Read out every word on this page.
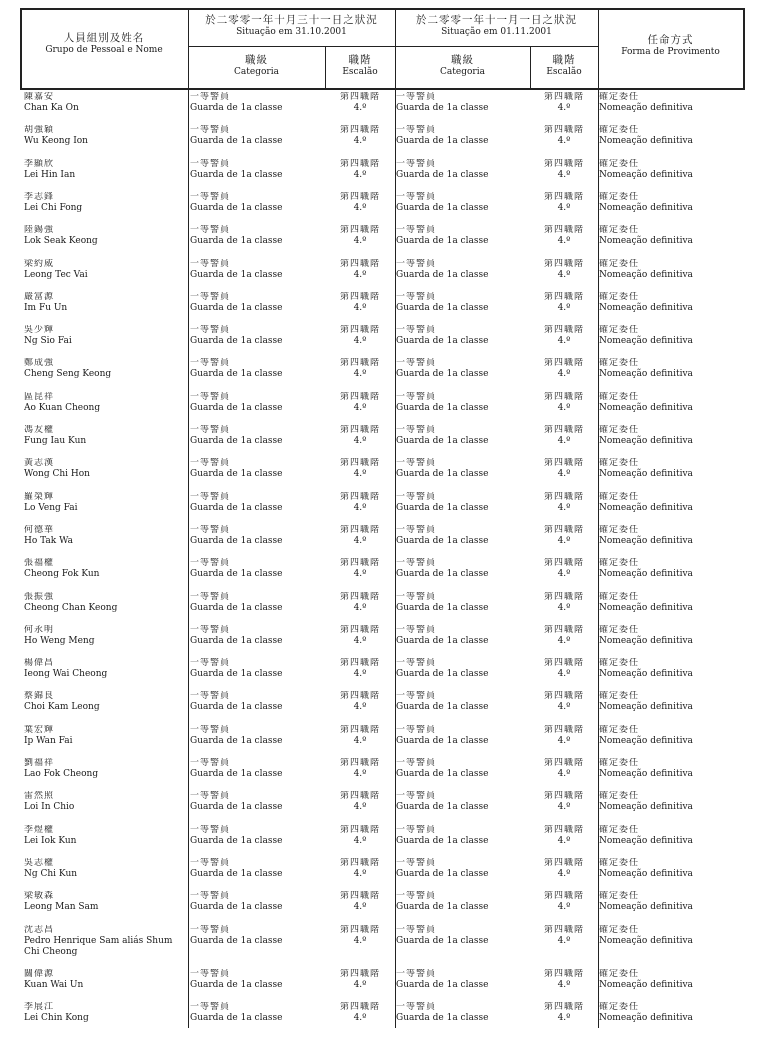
人員組別及姓名
Grupo de Pessoal e Nome
於二零零一年十月三十一日之狀況
Situação em 31.10.2001
於二零零一年十一月一日之狀況
Situação em 01.11.2001
任命方式
Forma de Provimento
職級
Categoria
職階
Escalão
職級
Categoria
職階
Escalão
陳嘉安
Chan Ka On
一等警員
Guarda de 1a classe
第四職階
4.º
一等警員
Guarda de 1a classe
第四職階
4.º
確定委任
Nomeação definitiva
胡強穎
Wu Keong Ion
一等警員
Guarda de 1a classe
第四職階
4.º
一等警員
Guarda de 1a classe
第四職階
4.º
確定委任
Nomeação definitiva
李顯欣
Lei Hin Ian
一等警員
Guarda de 1a classe
第四職階
4.º
一等警員
Guarda de 1a classe
第四職階
4.º
確定委任
Nomeação definitiva
李志鋒
Lei Chi Fong
一等警員
Guarda de 1a classe
第四職階
4.º
一等警員
Guarda de 1a classe
第四職階
4.º
確定委任
Nomeação definitiva
陸錫強
Lok Seak Keong
一等警員
Guarda de 1a classe
第四職階
4.º
一等警員
Guarda de 1a classe
第四職階
4.º
確定委任
Nomeação definitiva
梁約威
Leong Tec Vai
一等警員
Guarda de 1a classe
第四職階
4.º
一等警員
Guarda de 1a classe
第四職階
4.º
確定委任
Nomeação definitiva
嚴富源
Im Fu Un
一等警員
Guarda de 1a classe
第四職階
4.º
一等警員
Guarda de 1a classe
第四職階
4.º
確定委任
Nomeação definitiva
吳少輝
Ng Sio Fai
一等警員
Guarda de 1a classe
第四職階
4.º
一等警員
Guarda de 1a classe
第四職階
4.º
確定委任
Nomeação definitiva
鄭成強
Cheng Seng Keong
一等警員
Guarda de 1a classe
第四職階
4.º
一等警員
Guarda de 1a classe
第四職階
4.º
確定委任
Nomeação definitiva
區昆祥
Ao Kuan Cheong
一等警員
Guarda de 1a classe
第四職階
4.º
一等警員
Guarda de 1a classe
第四職階
4.º
確定委任
Nomeação definitiva
馮友權
Fung Iau Kun
一等警員
Guarda de 1a classe
第四職階
4.º
一等警員
Guarda de 1a classe
第四職階
4.º
確定委任
Nomeação definitiva
黃志漢
Wong Chi Hon
一等警員
Guarda de 1a classe
第四職階
4.º
一等警員
Guarda de 1a classe
第四職階
4.º
確定委任
Nomeação definitiva
羅榮輝
Lo Veng Fai
一等警員
Guarda de 1a classe
第四職階
4.º
一等警員
Guarda de 1a classe
第四職階
4.º
確定委任
Nomeação definitiva
何德華
Ho Tak Wa
一等警員
Guarda de 1a classe
第四職階
4.º
一等警員
Guarda de 1a classe
第四職階
4.º
確定委任
Nomeação definitiva
張福權
Cheong Fok Kun
一等警員
Guarda de 1a classe
第四職階
4.º
一等警員
Guarda de 1a classe
第四職階
4.º
確定委任
Nomeação definitiva
張振強
Cheong Chan Keong
一等警員
Guarda de 1a classe
第四職階
4.º
一等警員
Guarda de 1a classe
第四職階
4.º
確定委任
Nomeação definitiva
何永明
Ho Weng Meng
一等警員
Guarda de 1a classe
第四職階
4.º
一等警員
Guarda de 1a classe
第四職階
4.º
確定委任
Nomeação definitiva
楊偉昌
Ieong Wai Cheong
一等警員
Guarda de 1a classe
第四職階
4.º
一等警員
Guarda de 1a classe
第四職階
4.º
確定委任
Nomeação definitiva
蔡錦良
Choi Kam Leong
一等警員
Guarda de 1a classe
第四職階
4.º
一等警員
Guarda de 1a classe
第四職階
4.º
確定委任
Nomeação definitiva
葉宏輝
Ip Wan Fai
一等警員
Guarda de 1a classe
第四職階
4.º
一等警員
Guarda de 1a classe
第四職階
4.º
確定委任
Nomeação definitiva
劉福祥
Lao Fok Cheong
一等警員
Guarda de 1a classe
第四職階
4.º
一等警員
Guarda de 1a classe
第四職階
4.º
確定委任
Nomeação definitiva
雷然照
Loi In Chio
一等警員
Guarda de 1a classe
第四職階
4.º
一等警員
Guarda de 1a classe
第四職階
4.º
確定委任
Nomeação definitiva
李煜權
Lei Iok Kun
一等警員
Guarda de 1a classe
第四職階
4.º
一等警員
Guarda de 1a classe
第四職階
4.º
確定委任
Nomeação definitiva
吳志權
Ng Chi Kun
一等警員
Guarda de 1a classe
第四職階
4.º
一等警員
Guarda de 1a classe
第四職階
4.º
確定委任
Nomeação definitiva
梁敏森
Leong Man Sam
一等警員
Guarda de 1a classe
第四職階
4.º
一等警員
Guarda de 1a classe
第四職階
4.º
確定委任
Nomeação definitiva
沈志昌
Pedro Henrique Sam aliás Shum Chi Cheong
一等警員
Guarda de 1a classe
第四職階
4.º
一等警員
Guarda de 1a classe
第四職階
4.º
確定委任
Nomeação definitiva
關偉源
Kuan Wai Un
一等警員
Guarda de 1a classe
第四職階
4.º
一等警員
Guarda de 1a classe
第四職階
4.º
確定委任
Nomeação definitiva
李展江
Lei Chin Kong
一等警員
Guarda de 1a classe
第四職階
4.º
一等警員
Guarda de 1a classe
第四職階
4.º
確定委任
Nomeação definitiva
